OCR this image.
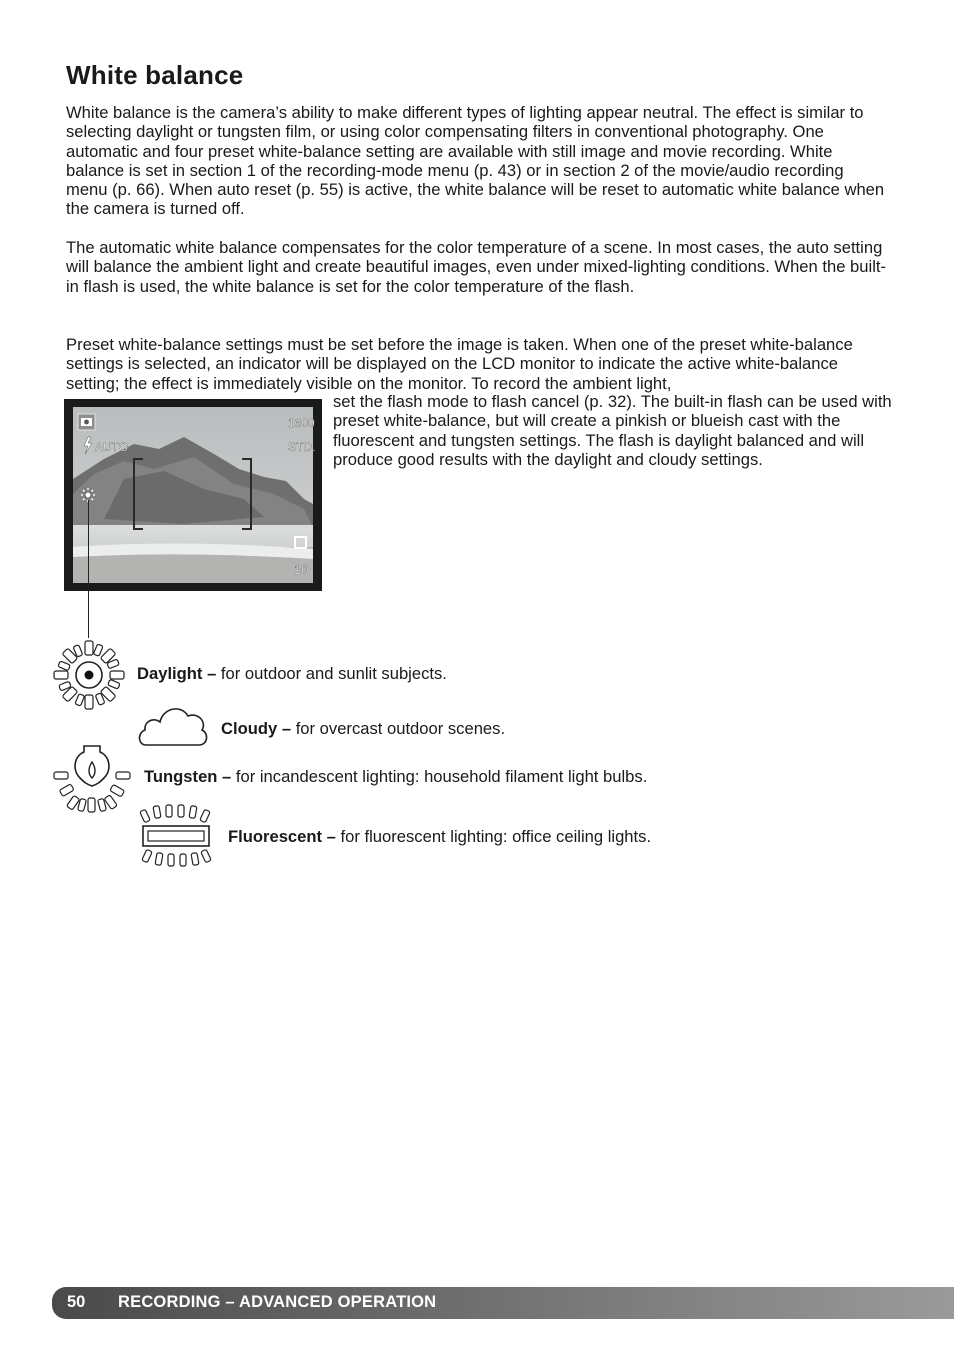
White balance

White balance is the camera’s ability to make different types of lighting appear neutral. The effect is similar to selecting daylight or tungsten film, or using color compensating filters in conventional photography. One automatic and four preset white-balance setting are available with still image and movie recording. White balance is set in section 1 of the recording-mode menu (p. 43) or in section 2 of the movie/audio recording menu (p. 66). When auto reset (p. 55) is active, the white balance will be reset to automatic white balance when the camera is turned off.

The automatic white balance compensates for the color temperature of a scene. In most cases, the auto setting will balance the ambient light and create beautiful images, even under mixed-lighting conditions. When the built-in flash is used, the white balance is set for the color temperature of the flash.

Preset white-balance settings must be set before the image is taken. When one of the preset white-balance settings is selected, an indicator will be displayed on the LCD monitor to indicate the active white-balance setting; the effect is immediately visible on the monitor. To record the ambient light,

set the flash mode to flash cancel (p. 32). The built-in flash can be used with preset white-balance, but will create a pinkish or blueish cast with the fluorescent and tungsten settings. The flash is daylight balanced and will produce good results with the daylight and cloudy settings.

AUTO
1600
STD.
10
Daylight – for outdoor and sunlit subjects.
Cloudy – for overcast outdoor scenes.
Tungsten – for incandescent lighting: household filament light bulbs.
Fluorescent – for fluorescent lighting: office ceiling lights.
50 RECORDING – ADVANCED OPERATION
